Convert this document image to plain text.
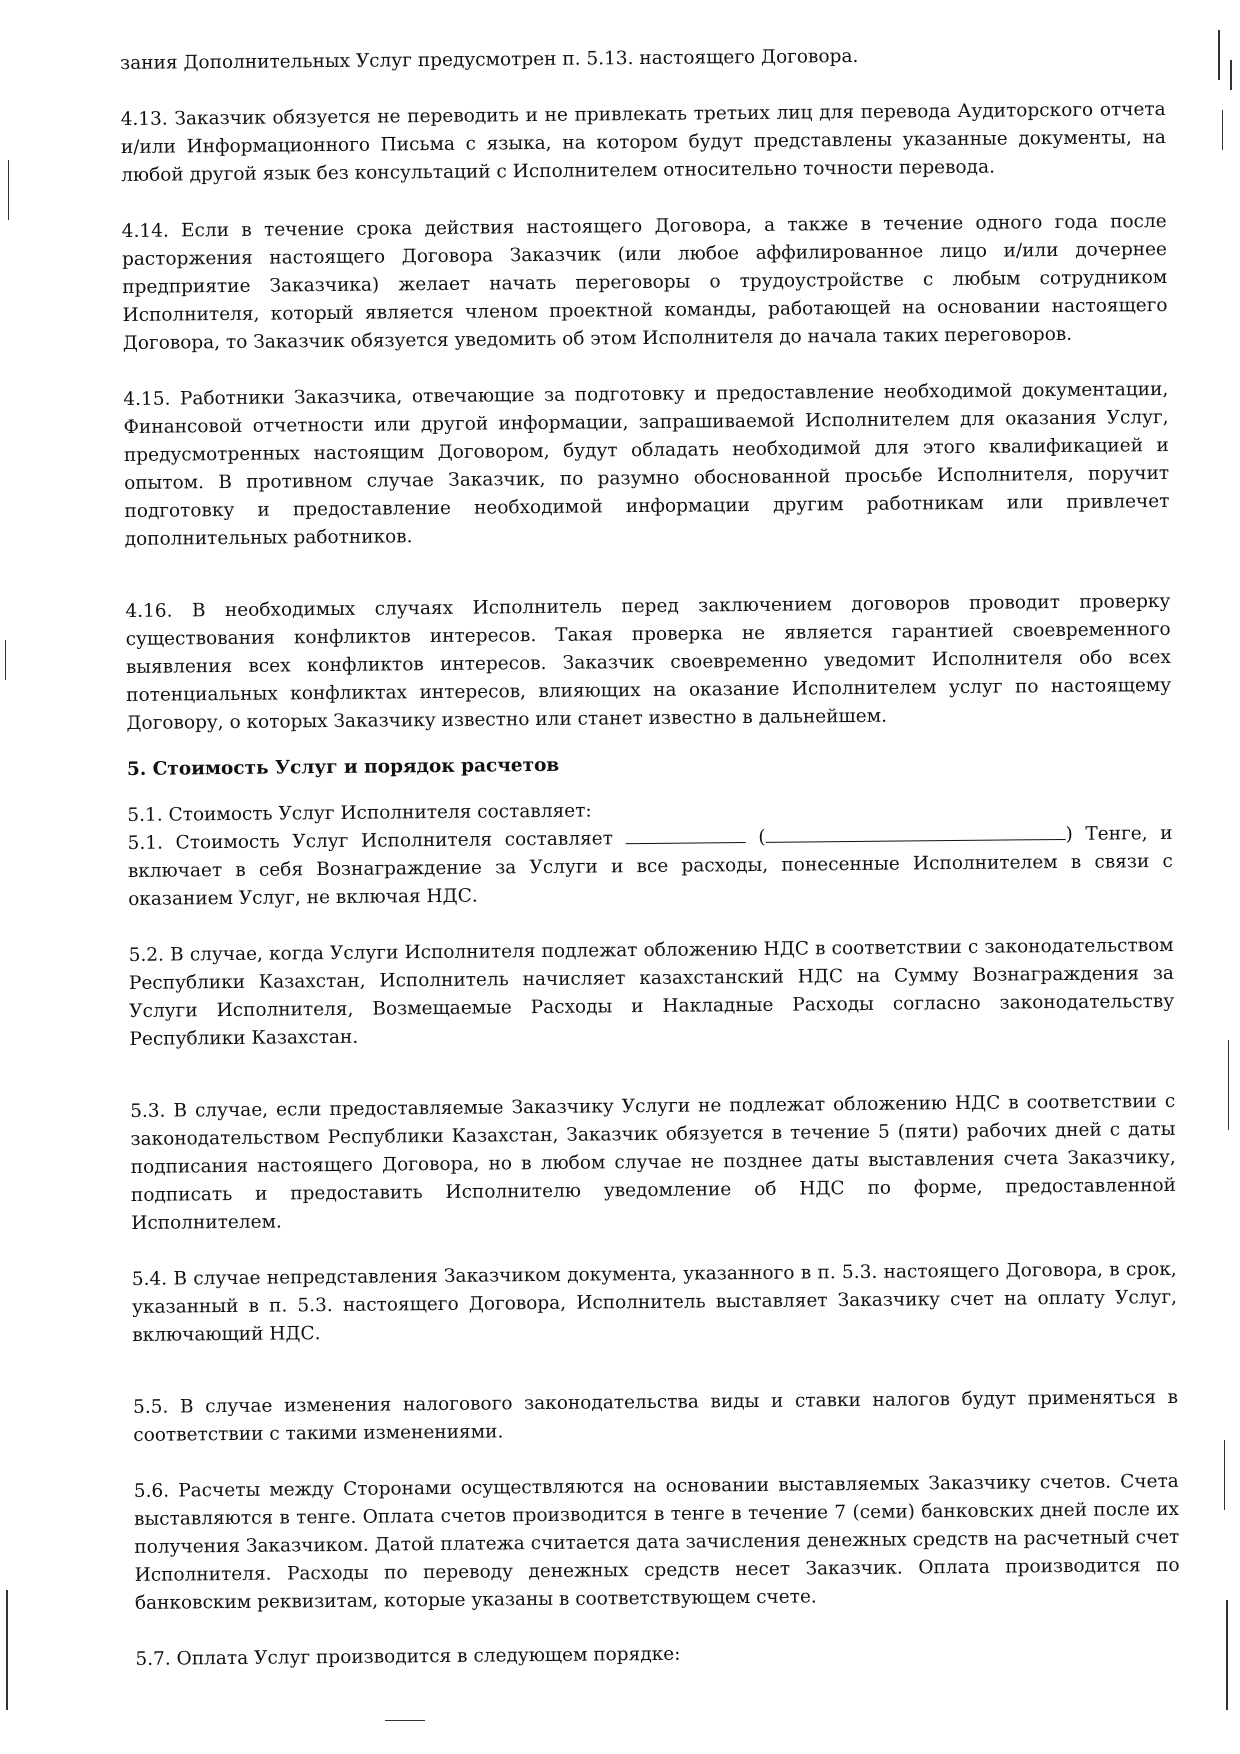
зания Дополнительных Услуг предусмотрен п. 5.13. настоящего Договора.

4.13. Заказчик обязуется не переводить и не привлекать третьих лиц для перевода Аудиторского отчета и/или Информационного Письма с языка, на котором будут представлены указанные документы, на любой другой язык без консультаций с Исполнителем относительно точности перевода.

4.14. Если в течение срока действия настоящего Договора, а также в течение одного года после расторжения настоящего Договора Заказчик (или любое аффилированное лицо и/или дочернее предприятие Заказчика) желает начать переговоры о трудоустройстве с любым сотрудником Исполнителя, который является членом проектной команды, работающей на основании настоящего Договора, то Заказчик обязуется уведомить об этом Исполнителя до начала таких переговоров.

4.15. Работники Заказчика, отвечающие за подготовку и предоставление необходимой документации, Финансовой отчетности или другой информации, запрашиваемой Исполнителем для оказания Услуг, предусмотренных настоящим Договором, будут обладать необходимой для этого квалификацией и опытом. В противном случае Заказчик, по разумно обоснованной просьбе Исполнителя, поручит подготовку и предоставление необходимой информации другим работникам или привлечет дополнительных работников.

4.16. В необходимых случаях Исполнитель перед заключением договоров проводит проверку существования конфликтов интересов. Такая проверка не является гарантией своевременного выявления всех конфликтов интересов. Заказчик своевременно уведомит Исполнителя обо всех потенциальных конфликтах интересов, влияющих на оказание Исполнителем услуг по настоящему Договору, о которых Заказчику известно или станет известно в дальнейшем.

5. Стоимость Услуг и порядок расчетов

5.1. Стоимость Услуг Исполнителя составляет:

5.1. Стоимость Услуг Исполнителя составляет	(	) Тенге, и включает в себя Вознаграждение за Услуги и все расходы, понесенные Исполнителем в связи с оказанием Услуг, не включая НДС.

5.2. В случае, когда Услуги Исполнителя подлежат обложению НДС в соответствии с законодательством Республики Казахстан, Исполнитель начисляет казахстанский НДС на Сумму Вознаграждения за Услуги Исполнителя, Возмещаемые Расходы и Накладные Расходы согласно законодательству Республики Казахстан.

5.3. В случае, если предоставляемые Заказчику Услуги не подлежат обложению НДС в соответствии с законодательством Республики Казахстан, Заказчик обязуется в течение 5 (пяти) рабочих дней с даты подписания настоящего Договора, но в любом случае не позднее даты выставления счета Заказчику, подписать и предоставить Исполнителю уведомление об НДС по форме, предоставленной Исполнителем.

5.4. В случае непредставления Заказчиком документа, указанного в п. 5.3. настоящего Договора, в срок, указанный в п. 5.3. настоящего Договора, Исполнитель выставляет Заказчику счет на оплату Услуг, включающий НДС.

5.5. В случае изменения налогового законодательства виды и ставки налогов будут применяться в соответствии с такими изменениями.

5.6. Расчеты между Сторонами осуществляются на основании выставляемых Заказчику счетов. Счета выставляются в тенге. Оплата счетов производится в тенге в течение 7 (семи) банковских дней после их получения Заказчиком. Датой платежа считается дата зачисления денежных средств на расчетный счет Исполнителя. Расходы по переводу денежных средств несет Заказчик. Оплата производится по банковским реквизитам, которые указаны в соответствующем счете.

5.7. Оплата Услуг производится в следующем порядке:
